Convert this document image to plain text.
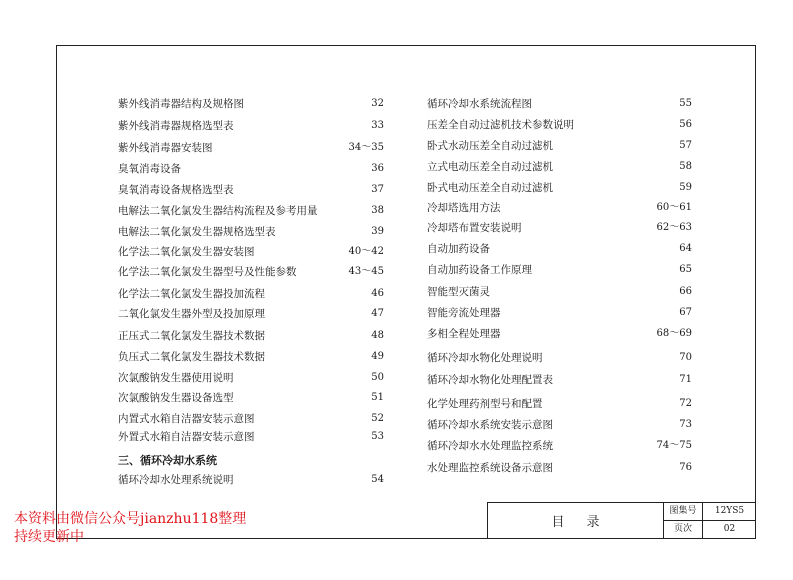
紫外线消毒器结构及规格图	32
紫外线消毒器规格选型表	33
紫外线消毒器安装图	34～35
臭氧消毒设备	36
臭氧消毒设备规格选型表	37
电解法二氧化氯发生器结构流程及参考用量	38
电解法二氧化氯发生器规格选型表	39
化学法二氧化氯发生器安装图	40～42
化学法二氧化氯发生器型号及性能参数	43～45
化学法二氧化氯发生器投加流程	46
二氧化氯发生器外型及投加原理	47
正压式二氧化氯发生器技术数据	48
负压式二氧化氯发生器技术数据	49
次氯酸钠发生器使用说明	50
次氯酸钠发生器设备选型	51
内置式水箱自洁器安装示意图	52
外置式水箱自洁器安装示意图	53
循环冷却水处理系统说明	54
循环冷却水系统流程图	55
压差全自动过滤机技术参数说明	56
卧式水动压差全自动过滤机	57
立式电动压差全自动过滤机	58
卧式电动压差全自动过滤机	59
冷却塔选用方法	60～61
冷却塔布置安装说明	62～63
自动加药设备	64
自动加药设备工作原理	65
智能型灭菌灵	66
智能旁流处理器	67
多相全程处理器	68～69
循环冷却水物化处理说明	70
循环冷却水物化处理配置表	71
化学处理药剂型号和配置	72
循环冷却水系统安装示意图	73
循环冷却水水处理监控系统	74～75
水处理监控系统设备示意图	76
三、循环冷却水系统
目录
图集号	12YS5
页次	02
本资料由微信公众号jianzhu118整理
持续更新中
